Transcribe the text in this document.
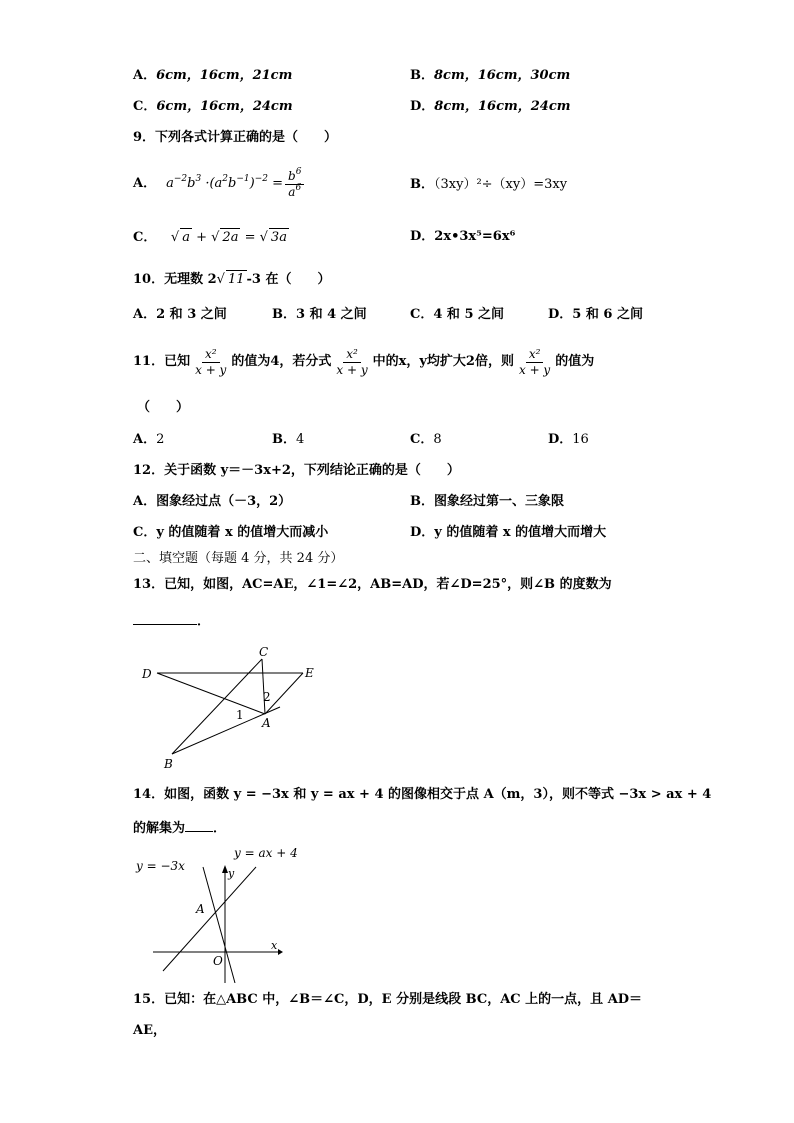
A．6cm，16cm，21cm	B．8cm，16cm，30cm
C．6cm，16cm，24cm	D．8cm，16cm，24cm
9．下列各式计算正确的是（　　）
A． $a^{-2}b^3 \cdot(a^2b^{-1})^{-2} = \frac{b^6}{a^6}$	B．（3xy）²÷（xy）=3xy
C． √ a + √ 2a = √ 3a	D．2x•3x⁵=6x⁶
10．无理数 2√ 11 -3 在（　　）
A．2 和 3 之间	B．3 和 4 之间	C．4 和 5 之间	D．5 和 6 之间
11． 已知 $\frac{\text{x²}}{x + y}$ 的值为4，若分式 $\frac{\text{x²}}{x + y}$ 中的x，y均扩大2倍，则 $\frac{\text{x²}}{x + y}$ 的值为
（　　）
A．2	B．4	C．8	D．16
12．关于函数 y＝－3x+2，下列结论正确的是（　　）
A．图象经过点（－3，2）	B．图象经过第一、三象限
C．y 的值随着 x 的值增大而减小	D．y 的值随着 x 的值增大而增大
二、填空题（每题 4 分，共 24 分）
13．已知，如图，AC=AE，∠1=∠2，AB=AD，若∠D=25°，则∠B 的度数为
．
C
D	E
A
B
1
2
14．如图，函数 y = −3x 和 y = ax + 4 的图像相交于点 A（m，3），则不等式 −3x > ax + 4
的解集为 ．
y = −3x
y = ax + 4
y
x
A
O
15．已知：在△ABC 中，∠B＝∠C，D，E 分别是线段 BC，AC 上的一点，且 AD＝
AE，
